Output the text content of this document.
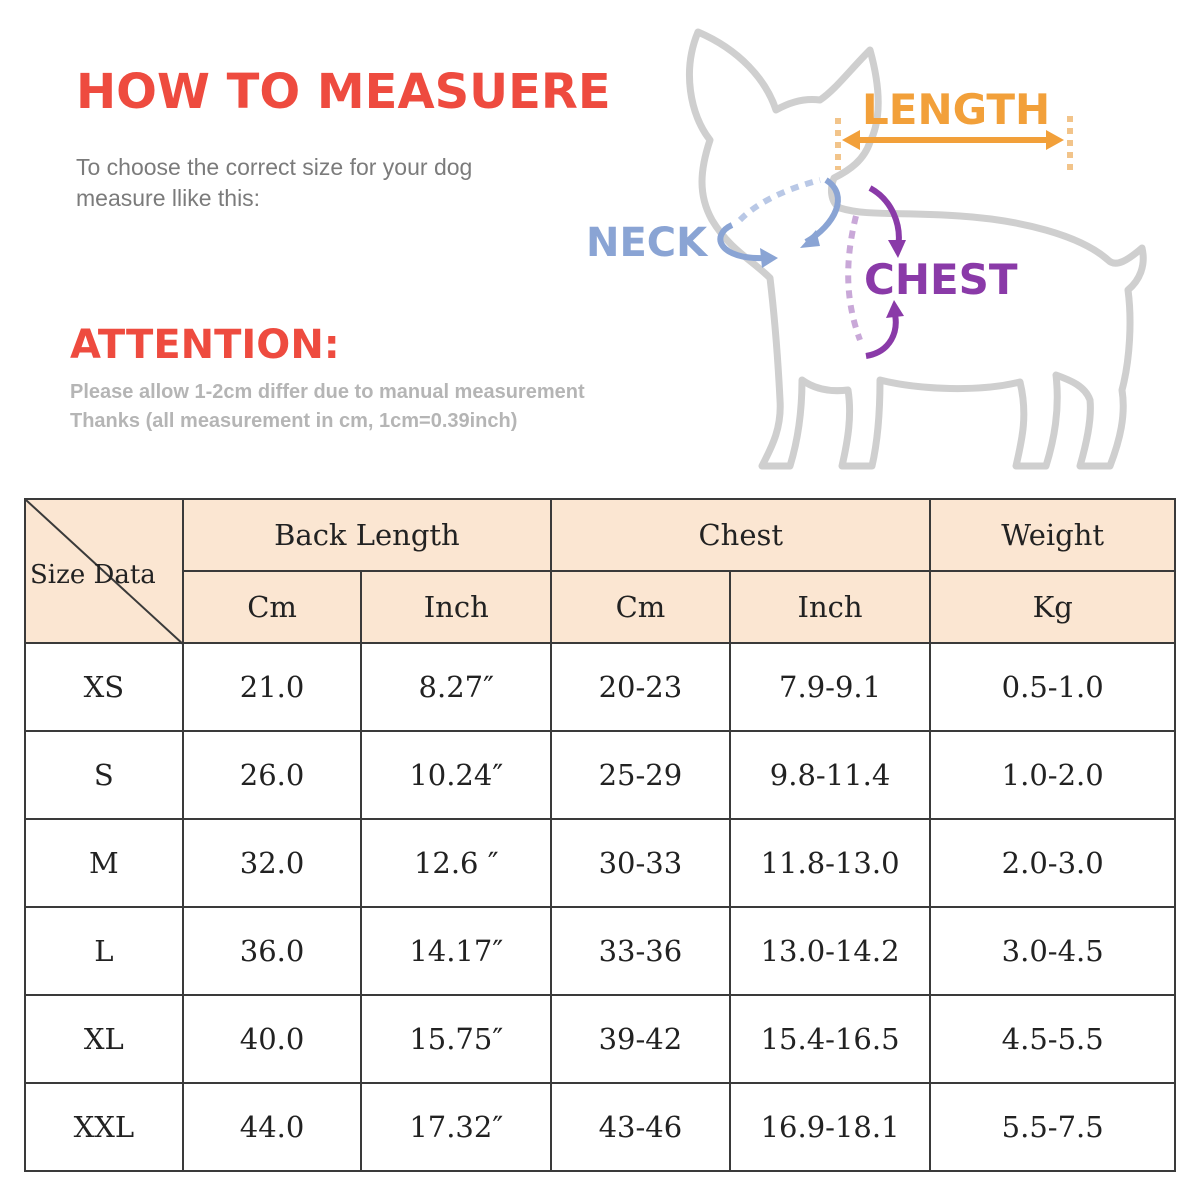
HOW TO MEASUERE
To choose the correct size for your dog
measure llike this:
ATTENTION:
Please allow 1-2cm differ due to manual measurement
Thanks (all measurement in cm, 1cm=0.39inch)
LENGTH
NECK
CHEST
Size Data	Back Length		Chest		Weight
	Cm	Inch	Cm	Inch	Kg
XS	21.0	8.27″	20-23	7.9-9.1	0.5-1.0
S	26.0	10.24″	25-29	9.8-11.4	1.0-2.0
M	32.0	12.6 ″	30-33	11.8-13.0	2.0-3.0
L	36.0	14.17″	33-36	13.0-14.2	3.0-4.5
XL	40.0	15.75″	39-42	15.4-16.5	4.5-5.5
XXL	44.0	17.32″	43-46	16.9-18.1	5.5-7.5
